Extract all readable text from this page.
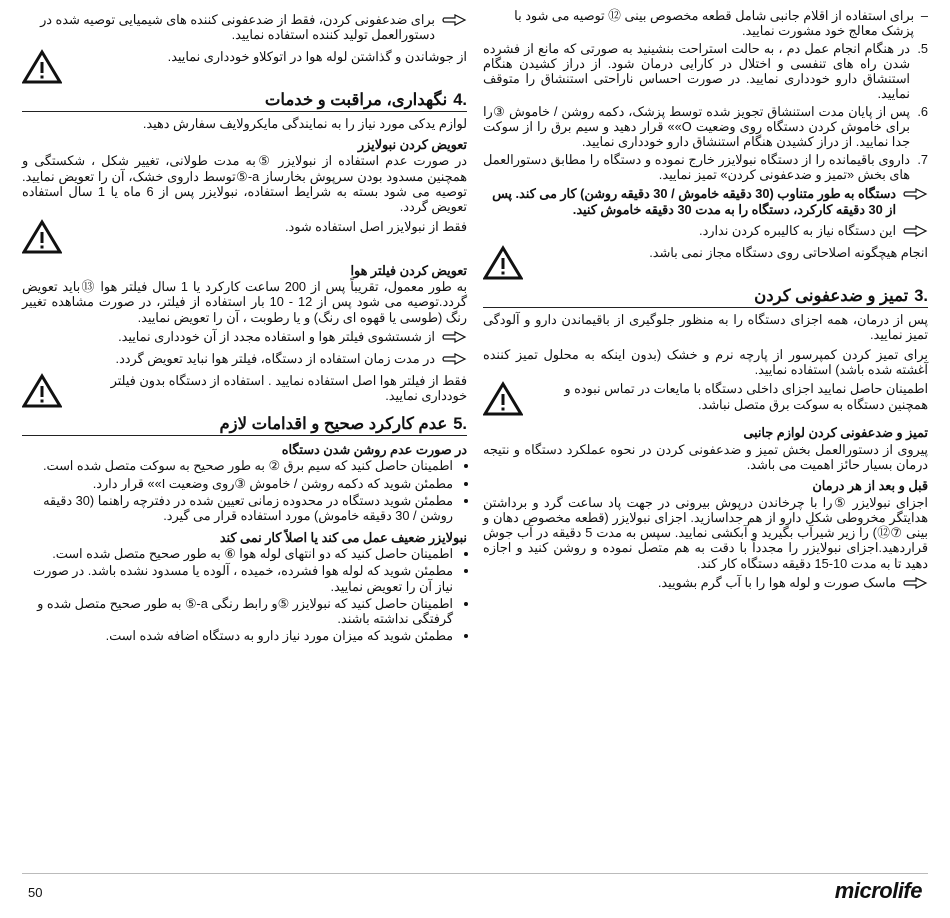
برای ضدعفونی کردن، فقط از ضدعفونی کننده های شیمیایی توصیه شده در دستورالعمل تولید کننده استفاده نمایید.
از جوشاندن و گذاشتن لوله هوا در اتوکلاو خودداری نمایید.
4.
نگهداری، مراقبت و خدمات

لوازم یدکی مورد نیاز را به نمایندگی مایکرولایف سفارش دهید.

تعویض کردن نبولایزر

در صورت عدم استفاده از نبولایزر ⑤به مدت طولانی، تغییر شکل ، شکستگی و همچنین مسدود بودن سرپوش بخارساز a-⑤توسط داروی خشک، آن را تعویض نمایید. توصیه می شود بسته به شرایط استفاده، نبولایزر پس از 6 ماه یا 1 سال استفاده تعویض گردد.

فقط از نبولایزر اصل استفاده شود.
تعویض کردن فیلتر هوا

به طور معمول، تقریباً پس از 200 ساعت کارکرد یا 1 سال فیلتر هوا ⑬باید تعویض گردد.توصیه می شود پس از 12 - 10 بار استفاده از فیلتر، در صورت مشاهده تغییر رنگ (طوسی یا قهوه ای رنگ) و یا رطوبت ، آن را تعویض نمایید.

از شستشوی فیلتر هوا و استفاده مجدد از آن خودداری نمایید.
در مدت زمان استفاده از دستگاه، فیلتر هوا نباید تعویض گردد.
فقط از فیلتر هوا اصل استفاده نمایید . استفاده از دستگاه بدون فیلتر خودداری نمایید.
5.
عدم کارکرد صحیح و اقدامات لازم
در صورت عدم روشن شدن دستگاه
• اطمینان حاصل کنید که سیم برق ② به طور صحیح به سوکت متصل شده است.
• مطمئن شوید که دکمه روشن / خاموش ③روی وضعیت I»» قرار دارد.
• مطمئن شوید دستگاه در محدوده زمانی تعیین شده در دفترچه راهنما (30 دقیقه روشن / 30 دقیقه خاموش) مورد استفاده قرار می گیرد.
نبولایزر ضعیف عمل می کند یا اصلاً کار نمی کند
• اطمینان حاصل کنید که دو انتهای لوله هوا ⑥ به طور صحیح متصل شده است.
• مطمئن شوید که لوله هوا فشرده، خمیده ، آلوده یا مسدود نشده باشد. در صورت نیاز آن را تعویض نمایید.
• اطمینان حاصل کنید که نبولایزر ⑤و رابط رنگی a-⑤ به طور صحیح متصل شده و گرفتگی نداشته باشند.
• مطمئن شوید که میزان مورد نیاز دارو به دستگاه اضافه شده است.
– برای استفاده از اقلام جانبی شامل قطعه مخصوص بینی ⑫ توصیه می شود با پزشک معالج خود مشورت نمایید.
5.
در هنگام انجام عمل دم ، به حالت استراحت بنشینید به صورتی که مانع از فشرده شدن راه های تنفسی و اختلال در کارایی درمان شود. از دراز کشیدن هنگام استنشاق دارو خودداری نمایید. در صورت احساس ناراحتی استنشاق را متوقف نمایید.
6.
پس از پایان مدت استنشاق تجویز شده توسط پزشک، دکمه روشن / خاموش ③را برای خاموش کردن دستگاه روی وضعیت O»» قرار دهید و سیم برق را از سوکت جدا نمایید. از دراز کشیدن هنگام استنشاق دارو خودداری نمایید.
7.
داروی باقیمانده را از دستگاه نبولایزر خارج نموده و دستگاه را مطابق دستورالعمل های بخش «تمیز و ضدعفونی کردن» تمیز نمایید.
دستگاه به طور متناوب (30 دقیقه خاموش / 30 دقیقه روشن) کار می کند. پس از 30 دقیقه کارکرد، دستگاه را به مدت 30 دقیقه خاموش کنید.
این دستگاه نیاز به کالیبره کردن ندارد.
انجام هیچگونه اصلاحاتی روی دستگاه مجاز نمی باشد.
3.
تمیز و ضدعفونی کردن

پس از درمان، همه اجزای دستگاه را به منظور جلوگیری از باقیماندن دارو و آلودگی تمیز نمایید.

برای تمیز کردن کمپرسور از پارچه نرم و خشک (بدون اینکه به محلول تمیز کننده آغشته شده باشد) استفاده نمایید.

اطمینان حاصل نمایید اجزای داخلی دستگاه با مایعات در تماس نبوده و همچنین دستگاه به سوکت برق متصل نباشد.
تمیز و ضدعفونی کردن لوازم جانبی

پیروی از دستورالعمل بخش تمیز و ضدعفونی کردن در نحوه عملکرد دستگاه و نتیجه درمان بسیار حائز اهمیت می باشد.

قبل و بعد از هر درمان

اجزای نبولایزر ⑤را با چرخاندن درپوش بیرونی در جهت پاد ساعت گرد و برداشتن هدایتگر مخروطی شکل دارو از هم جداسازید. اجزای نبولایزر (قطعه مخصوص دهان و بینی ⑦⑫) را زیر شیرآب بگیرید و آبکشی نمایید. سپس به مدت 5 دقیقه در آب جوش قراردهید.اجزای نبولایزر را مجدداً با دقت به هم متصل نموده و روشن کنید و اجازه دهید تا به مدت 10-15 دقیقه دستگاه کار کند.

ماسک صورت و لوله هوا را با آب گرم بشویید.
50	microlife
